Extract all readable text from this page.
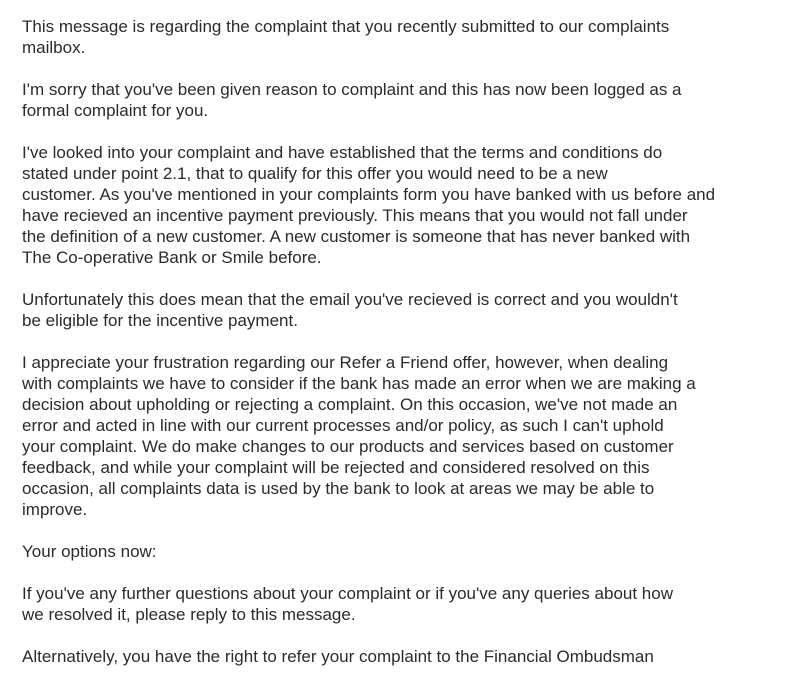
This message is regarding the complaint that you recently submitted to our complaints
mailbox.

I'm sorry that you've been given reason to complaint and this has now been logged as a
formal complaint for you.

I've looked into your complaint and have established that the terms and conditions do
stated under point 2.1, that to qualify for this offer you would need to be a new
customer. As you've mentioned in your complaints form you have banked with us before and
have recieved an incentive payment previously. This means that you would not fall under
the definition of a new customer. A new customer is someone that has never banked with
The Co-operative Bank or Smile before.

Unfortunately this does mean that the email you've recieved is correct and you wouldn't
be eligible for the incentive payment.

I appreciate your frustration regarding our Refer a Friend offer, however, when dealing
with complaints we have to consider if the bank has made an error when we are making a
decision about upholding or rejecting a complaint. On this occasion, we've not made an
error and acted in line with our current processes and/or policy, as such I can't uphold
your complaint. We do make changes to our products and services based on customer
feedback, and while your complaint will be rejected and considered resolved on this
occasion, all complaints data is used by the bank to look at areas we may be able to
improve.

Your options now:

If you've any further questions about your complaint or if you've any queries about how
we resolved it, please reply to this message.

Alternatively, you have the right to refer your complaint to the Financial Ombudsman
